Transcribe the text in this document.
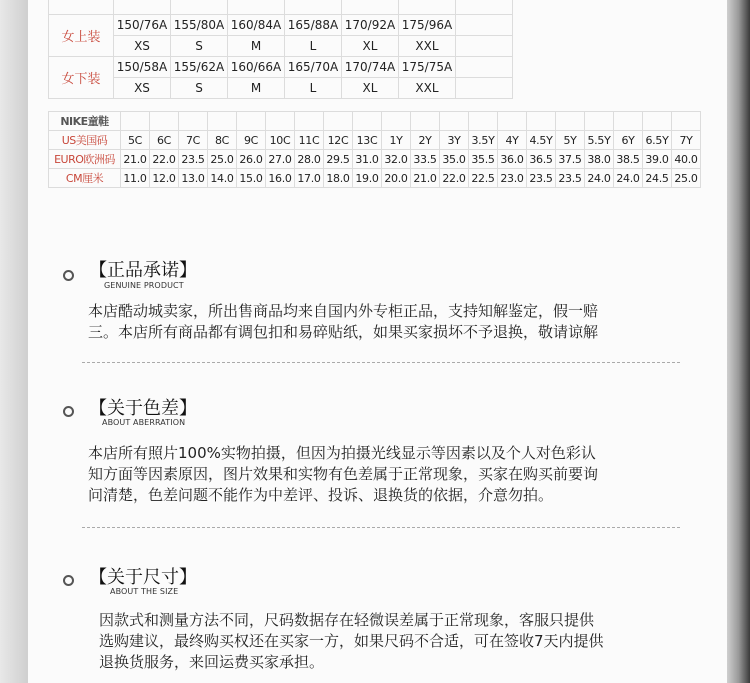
女上装	150/76A	155/80A	160/84A	165/88A	170/92A	175/96A	
	XS	S	M	L	XL	XXL	
女下装	150/58A	155/62A	160/66A	165/70A	170/74A	175/75A	
	XS	S	M	L	XL	XXL	
NIKE童鞋																				
US美国码	5C	6C	7C	8C	9C	10C	11C	12C	13C	1Y	2Y	3Y	3.5Y	4Y	4.5Y	5Y	5.5Y	6Y	6.5Y	7Y
EURO欧洲码	21.0	22.0	23.5	25.0	26.0	27.0	28.0	29.5	31.0	32.0	33.5	35.0	35.5	36.0	36.5	37.5	38.0	38.5	39.0	40.0
CM厘米	11.0	12.0	13.0	14.0	15.0	16.0	17.0	18.0	19.0	20.0	21.0	22.0	22.5	23.0	23.5	23.5	24.0	24.0	24.5	25.0
【正品承诺】
GENUINE PRODUCT
本店酷动城卖家，所出售商品均来自国内外专柜正品，支持知解鉴定，假一赔
三。本店所有商品都有调包扣和易碎贴纸，如果买家损坏不予退换，敬请谅解
【关于色差】
ABOUT ABERRATION
本店所有照片100%实物拍摄，但因为拍摄光线显示等因素以及个人对色彩认
知方面等因素原因，图片效果和实物有色差属于正常现象，买家在购买前要询
问清楚，色差问题不能作为中差评、投诉、退换货的依据，介意勿拍。
【关于尺寸】
ABOUT THE SIZE
因款式和测量方法不同，尺码数据存在轻微误差属于正常现象，客服只提供
选购建议，最终购买权还在买家一方，如果尺码不合适，可在签收7天内提供
退换货服务，来回运费买家承担。
